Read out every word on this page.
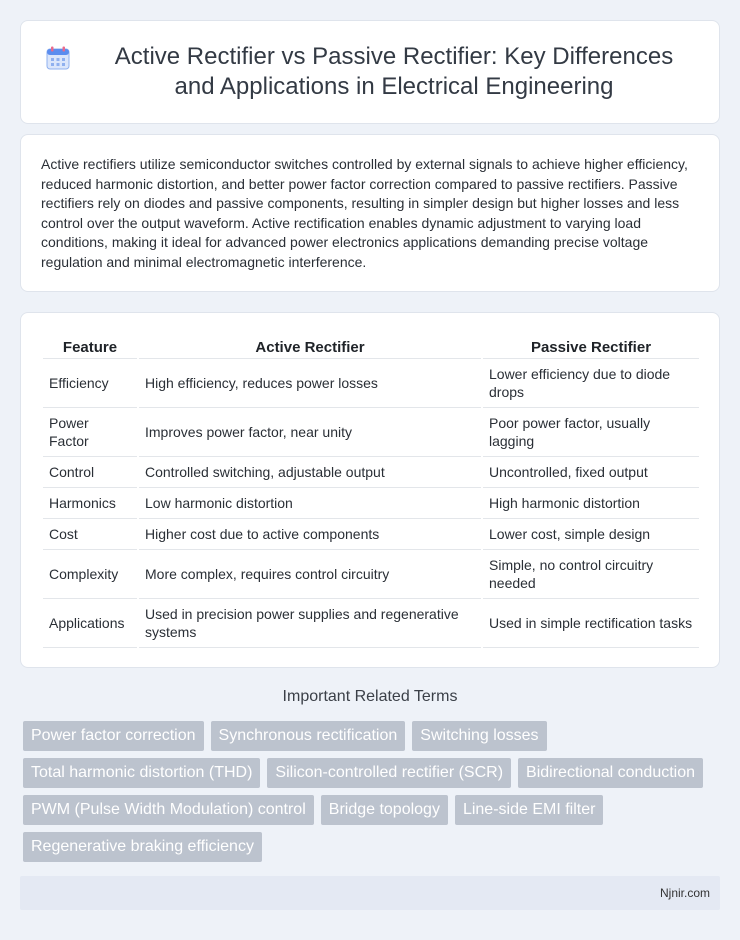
Active Rectifier vs Passive Rectifier: Key Differences and Applications in Electrical Engineering

Active rectifiers utilize semiconductor switches controlled by external signals to achieve higher efficiency, reduced harmonic distortion, and better power factor correction compared to passive rectifiers. Passive rectifiers rely on diodes and passive components, resulting in simpler design but higher losses and less control over the output waveform. Active rectification enables dynamic adjustment to varying load conditions, making it ideal for advanced power electronics applications demanding precise voltage regulation and minimal electromagnetic interference.

Feature	Active Rectifier	Passive Rectifier
Efficiency	High efficiency, reduces power losses	Lower efficiency due to diode drops
Power Factor	Improves power factor, near unity	Poor power factor, usually lagging
Control	Controlled switching, adjustable output	Uncontrolled, fixed output
Harmonics	Low harmonic distortion	High harmonic distortion
Cost	Higher cost due to active components	Lower cost, simple design
Complexity	More complex, requires control circuitry	Simple, no control circuitry needed
Applications	Used in precision power supplies and regenerative systems	Used in simple rectification tasks
Important Related Terms
Power factor correction	Synchronous rectification	Switching losses
Total harmonic distortion (THD)	Silicon-controlled rectifier (SCR)	Bidirectional conduction
PWM (Pulse Width Modulation) control	Bridge topology	Line-side EMI filter
Regenerative braking efficiency
Njnir.com
